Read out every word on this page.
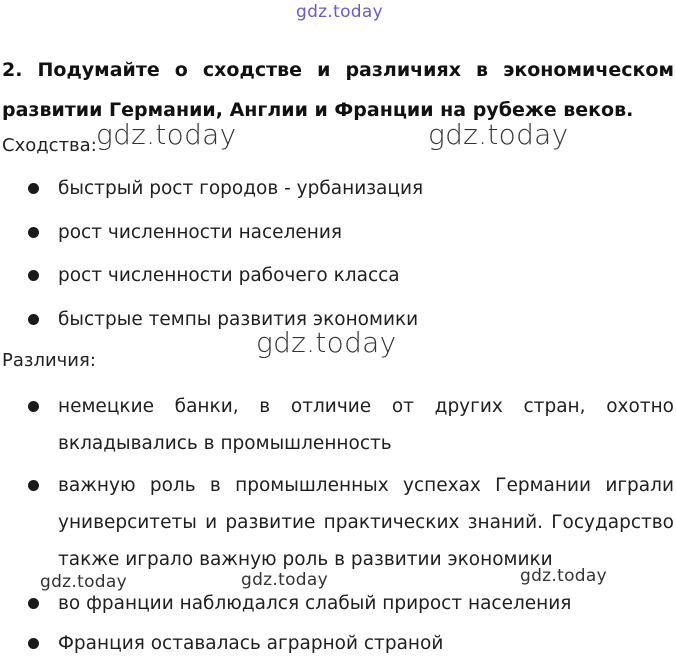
gdz.today
2. Подумайте о сходстве и различиях в экономическом развитии Германии, Англии и Франции на рубеже веков.
Сходства: gdz.today	gdz.today
быстрый рост городов - урбанизация
рост численности населения
рост численности рабочего класса
быстрые темпы развития экономики
gdz.today
Различия:
немецкие банки, в отличие от других стран, охотно вкладывались в промышленность
важную роль в промышленных успехах Германии играли университеты и развитие практических знаний. Государство также играло важную роль в развитии экономики
во франции наблюдался слабый прирост населения
Франция оставалась аграрной страной
gdz.today	gdz.today	gdz.today
